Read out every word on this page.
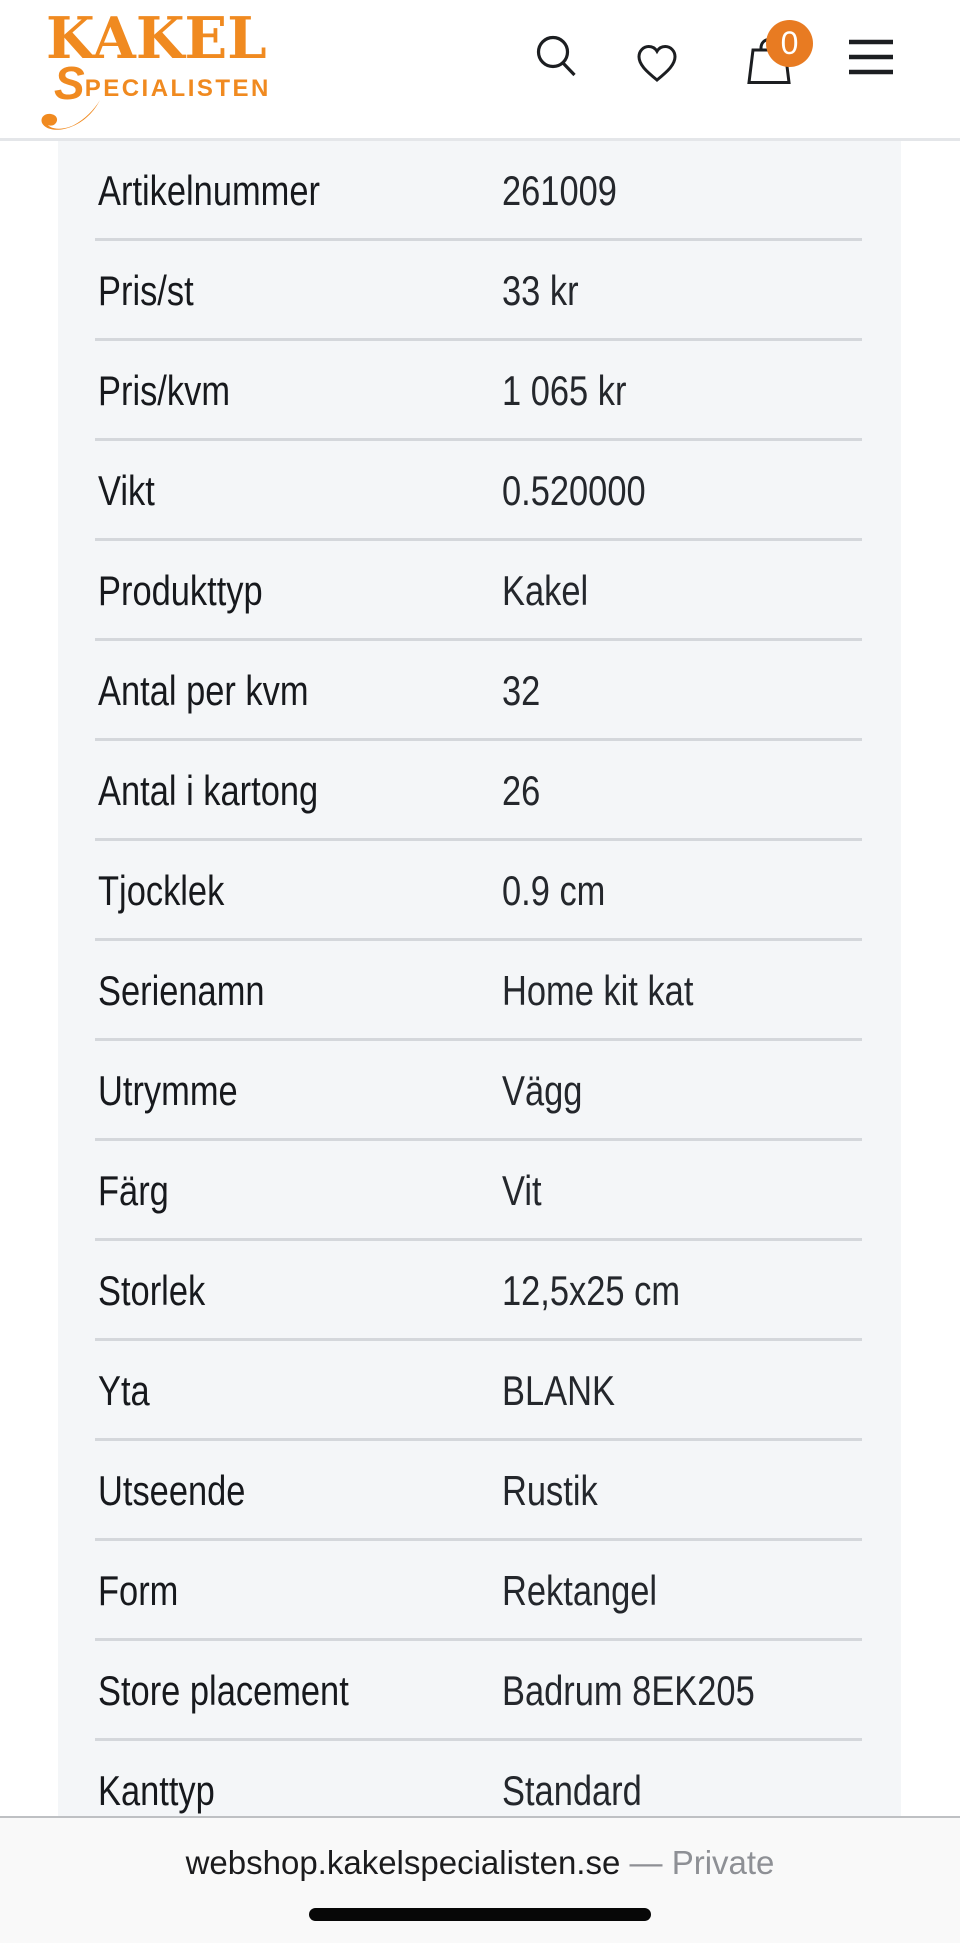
KAKEL
S PECIALISTEN
0
Artikelnummer	261009
Pris/st	33 kr
Pris/kvm	1 065 kr
Vikt	0.520000
Produkttyp	Kakel
Antal per kvm	32
Antal i kartong	26
Tjocklek	0.9 cm
Serienamn	Home kit kat
Utrymme	Vägg
Färg	Vit
Storlek	12,5x25 cm
Yta	BLANK
Utseende	Rustik
Form	Rektangel
Store placement	Badrum 8EK205
Kanttyp	Standard
webshop.kakelspecialisten.se — Private
